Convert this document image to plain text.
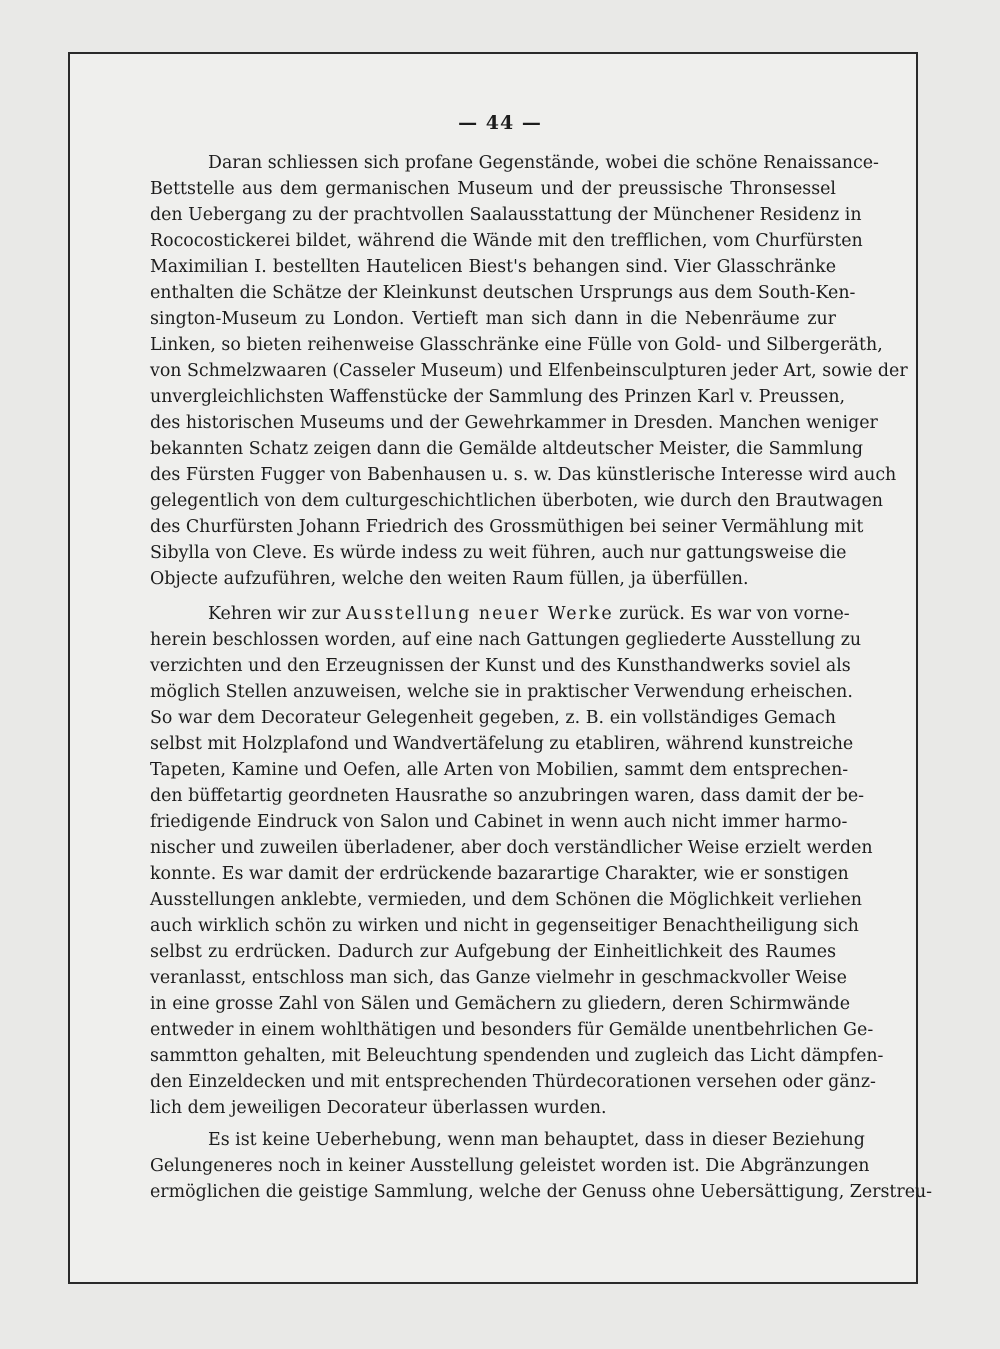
— 44 —
Daran schliessen sich profane Gegenstände, wobei die schöne Renaissance-
Bettstelle aus dem germanischen Museum und der preussische Thronsessel
den Uebergang zu der prachtvollen Saalausstattung der Münchener Residenz in
Rococostickerei bildet, während die Wände mit den trefflichen, vom Churfürsten
Maximilian I. bestellten Hautelicen Biest's behangen sind. Vier Glasschränke
enthalten die Schätze der Kleinkunst deutschen Ursprungs aus dem South-Ken-
sington-Museum zu London. Vertieft man sich dann in die Nebenräume zur
Linken, so bieten reihenweise Glasschränke eine Fülle von Gold- und Silbergeräth,
von Schmelzwaaren (Casseler Museum) und Elfenbeinsculpturen jeder Art, sowie der
unvergleichlichsten Waffenstücke der Sammlung des Prinzen Karl v. Preussen,
des historischen Museums und der Gewehrkammer in Dresden. Manchen weniger
bekannten Schatz zeigen dann die Gemälde altdeutscher Meister, die Sammlung
des Fürsten Fugger von Babenhausen u. s. w. Das künstlerische Interesse wird auch
gelegentlich von dem culturgeschichtlichen überboten, wie durch den Brautwagen
des Churfürsten Johann Friedrich des Grossmüthigen bei seiner Vermählung mit
Sibylla von Cleve. Es würde indess zu weit führen, auch nur gattungsweise die
Objecte aufzuführen, welche den weiten Raum füllen, ja überfüllen.
Kehren wir zur Ausstellung neuer Werke zurück. Es war von vorne-
herein beschlossen worden, auf eine nach Gattungen gegliederte Ausstellung zu
verzichten und den Erzeugnissen der Kunst und des Kunsthandwerks soviel als
möglich Stellen anzuweisen, welche sie in praktischer Verwendung erheischen.
So war dem Decorateur Gelegenheit gegeben, z. B. ein vollständiges Gemach
selbst mit Holzplafond und Wandvertäfelung zu etabliren, während kunstreiche
Tapeten, Kamine und Oefen, alle Arten von Mobilien, sammt dem entsprechen-
den büffetartig geordneten Hausrathe so anzubringen waren, dass damit der be-
friedigende Eindruck von Salon und Cabinet in wenn auch nicht immer harmo-
nischer und zuweilen überladener, aber doch verständlicher Weise erzielt werden
konnte. Es war damit der erdrückende bazarartige Charakter, wie er sonstigen
Ausstellungen anklebte, vermieden, und dem Schönen die Möglichkeit verliehen
auch wirklich schön zu wirken und nicht in gegenseitiger Benachtheiligung sich
selbst zu erdrücken. Dadurch zur Aufgebung der Einheitlichkeit des Raumes
veranlasst, entschloss man sich, das Ganze vielmehr in geschmackvoller Weise
in eine grosse Zahl von Sälen und Gemächern zu gliedern, deren Schirmwände
entweder in einem wohlthätigen und besonders für Gemälde unentbehrlichen Ge-
sammtton gehalten, mit Beleuchtung spendenden und zugleich das Licht dämpfen-
den Einzeldecken und mit entsprechenden Thürdecorationen versehen oder gänz-
lich dem jeweiligen Decorateur überlassen wurden.
Es ist keine Ueberhebung, wenn man behauptet, dass in dieser Beziehung
Gelungeneres noch in keiner Ausstellung geleistet worden ist. Die Abgränzungen
ermöglichen die geistige Sammlung, welche der Genuss ohne Uebersättigung, Zerstreu-
